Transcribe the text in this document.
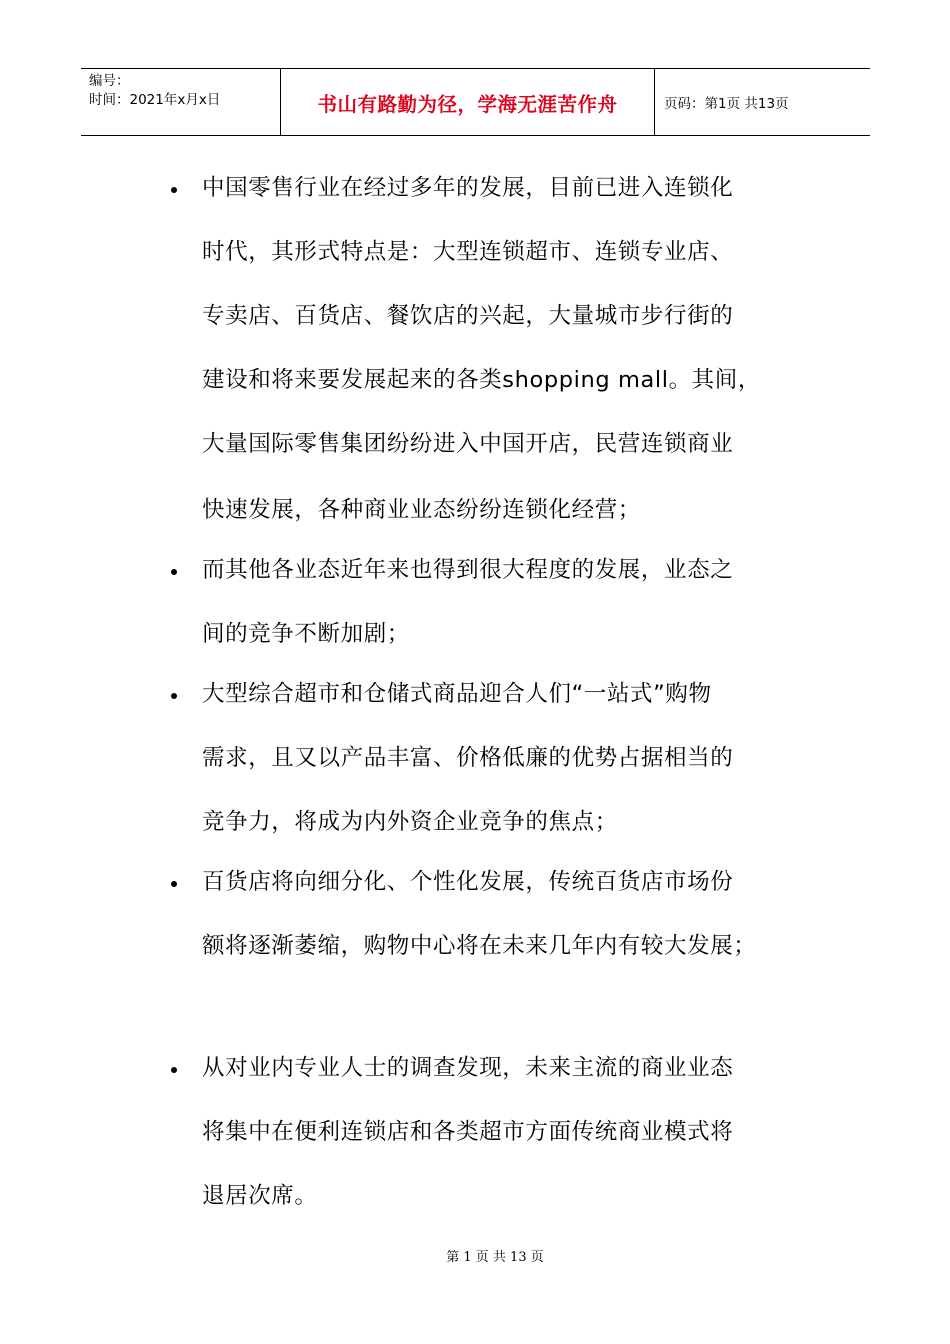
编号：
时间：2021年x月x日	书山有路勤为径，学海无涯苦作舟	页码：第1页 共13页
中国零售行业在经过多年的发展，目前已进入连锁化
时代，其形式特点是：大型连锁超市、连锁专业店、
专卖店、百货店、餐饮店的兴起，大量城市步行街的
建设和将来要发展起来的各类shopping mall。其间，
大量国际零售集团纷纷进入中国开店，民营连锁商业
快速发展，各种商业业态纷纷连锁化经营；
而其他各业态近年来也得到很大程度的发展，业态之
间的竞争不断加剧；
大型综合超市和仓储式商品迎合人们“一站式”购物
需求，且又以产品丰富、价格低廉的优势占据相当的
竞争力，将成为内外资企业竞争的焦点；
百货店将向细分化、个性化发展，传统百货店市场份
额将逐渐萎缩，购物中心将在未来几年内有较大发展；
从对业内专业人士的调查发现，未来主流的商业业态
将集中在便利连锁店和各类超市方面传统商业模式将
退居次席。
第 1 页 共 13 页
